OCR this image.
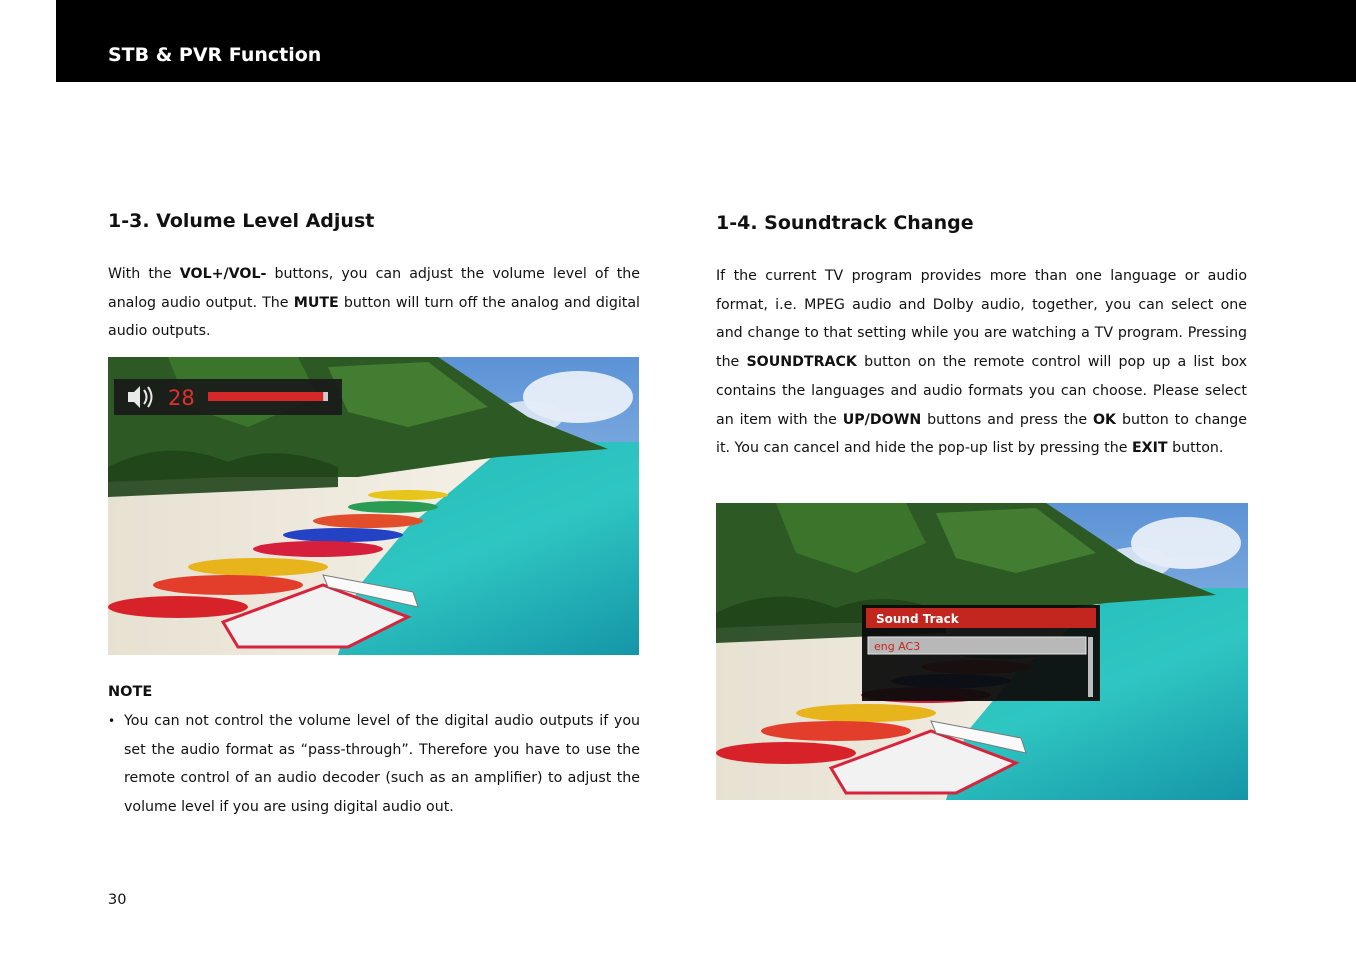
STB & PVR Function
1-3. Volume Level Adjust

With the VOL+/VOL- buttons, you can adjust the volume level of the analog audio output. The MUTE button will turn off the analog and digital audio outputs.

28
NOTE
• You can not control the volume level of the digital audio outputs if you set the audio format as “pass-through”. Therefore you have to use the remote control of an audio decoder (such as an amplifier) to adjust the volume level if you are using digital audio out.
1-4. Soundtrack Change

If the current TV program provides more than one language or audio format, i.e. MPEG audio and Dolby audio, together, you can select one and change to that setting while you are watching a TV program. Pressing the SOUNDTRACK button on the remote control will pop up a list box contains the languages and audio formats you can choose. Please select an item with the UP/DOWN buttons and press the OK button to change it. You can cancel and hide the pop-up list by pressing the EXIT button.

Sound Track
eng AC3
30
